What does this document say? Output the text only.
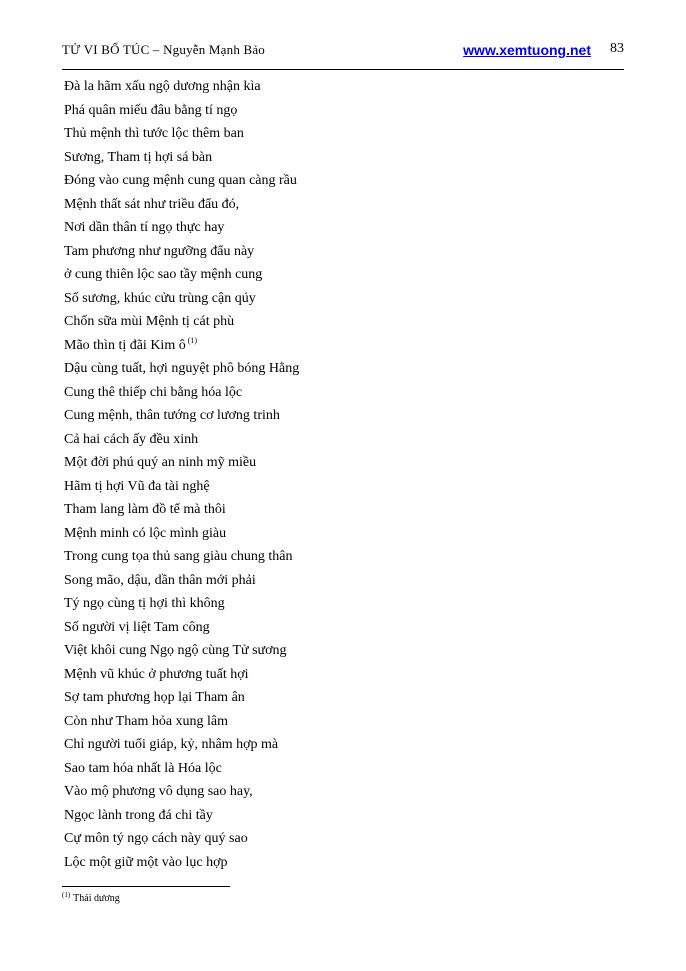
TỬ VI BỔ TÚC – Nguyễn Mạnh Bảo	www.xemtuong.net 83
Đà la hãm xấu ngộ dương nhận kìa
Phá quân miếu đâu bằng tí ngọ
Thủ mệnh thì tước lộc thêm ban
Sương, Tham tị hợi sá bàn
Đóng vào cung mệnh cung quan càng rầu
Mệnh thất sát như triều đẩu đó,
Nơi dần thân tí ngọ thực hay
Tam phương như ngưỡng đẩu này
ở cung thiên lộc sao tầy mệnh cung
Số sương, khúc cửu trùng cận qúy
Chốn sữa mùi Mệnh tị cát phù
Mão thìn tị đãi Kim ô $^{(1)}$
Dậu cùng tuất, hợi nguyệt phô bóng Hằng
Cung thê thiếp chi bằng hóa lộc
Cung mệnh, thân tướng cơ lương trinh
Cả hai cách ấy đều xinh
Một đời phú quý an ninh mỹ miều
Hãm tị hợi Vũ đa tài nghệ
Tham lang làm đồ tể mà thôi
Mệnh minh có lộc mình giàu
Trong cung tọa thủ sang giàu chung thân
Song mão, dậu, dần thân mới phải
Tý ngọ cùng tị hợi thì không
Số người vị liệt Tam công
Việt khôi cung Ngọ ngộ cùng Tử sương
Mệnh vũ khúc ở phương tuất hợi
Sợ tam phương họp lại Tham ân
Còn như Tham hỏa xung lâm
Chỉ người tuổi giáp, kỷ, nhâm hợp mà
Sao tam hóa nhất là Hóa lộc
Vào mộ phương vô dụng sao hay,
Ngọc lành trong đá chi tầy
Cự môn tý ngọ cách này quý sao
Lộc một giữ một vào lục hợp
$^{(1)}$ Thái dương
